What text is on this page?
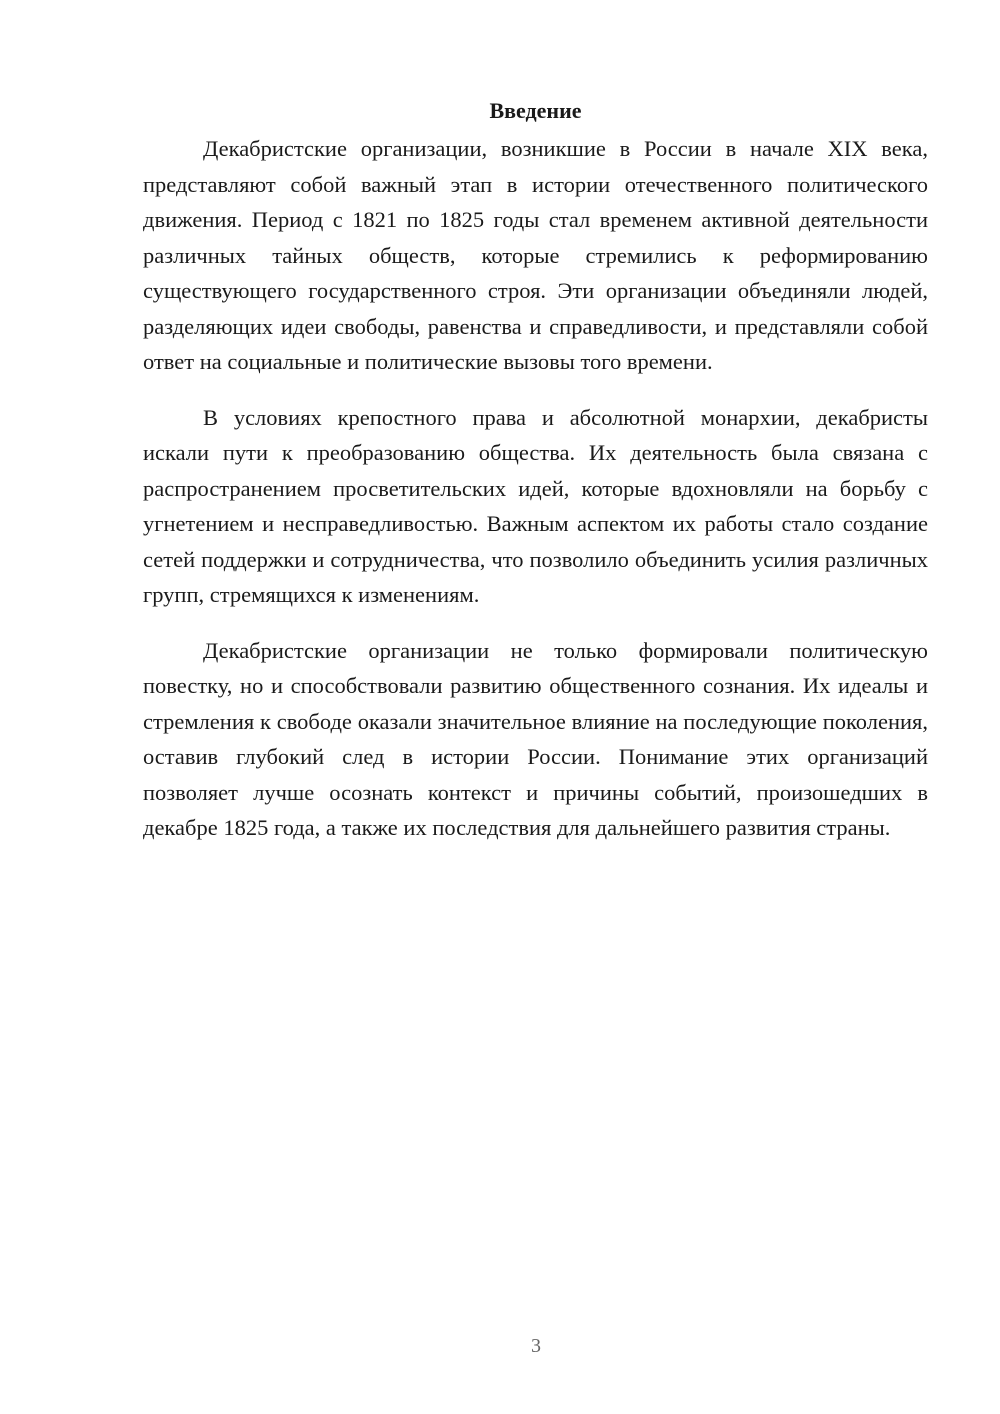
Введение

Декабристские организации, возникшие в России в начале XIX века, представляют собой важный этап в истории отечественного политического движения. Период с 1821 по 1825 годы стал временем активной деятельности различных тайных обществ, которые стремились к реформированию существующего государственного строя. Эти организации объединяли людей, разделяющих идеи свободы, равенства и справедливости, и представляли собой ответ на социальные и политические вызовы того времени.

В условиях крепостного права и абсолютной монархии, декабристы искали пути к преобразованию общества. Их деятельность была связана с распространением просветительских идей, которые вдохновляли на борьбу с угнетением и несправедливостью. Важным аспектом их работы стало создание сетей поддержки и сотрудничества, что позволило объединить усилия различных групп, стремящихся к изменениям.

Декабристские организации не только формировали политическую повестку, но и способствовали развитию общественного сознания. Их идеалы и стремления к свободе оказали значительное влияние на последующие поколения, оставив глубокий след в истории России. Понимание этих организаций позволяет лучше осознать контекст и причины событий, произошедших в декабре 1825 года, а также их последствия для дальнейшего развития страны.

3
